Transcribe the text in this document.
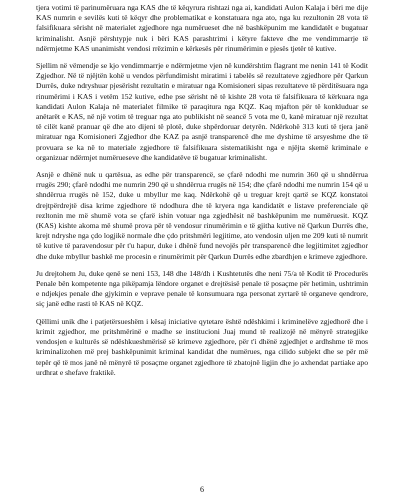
tjera votimi të parinumëruara nga KAS dhe të këqyrura rishtazi nga ai, kandidati Aulon Kalaja i bëri me dije KAS numrin e sevilës kuti të këqyr dhe problematikat e konstatuara nga ato, nga ku rezultonin 28 vota të falsifikuara sërisht në materialet zgjedhore nga numërueset dhe në bashkëpunim me kandidatët e bugatuar kriminalisht. Asnjë përshtypje nuk i bëri KAS parashtrimi i këtyre fakteve dhe me vendimmarrje të ndërmjetme KAS unanimisht vendosi rrëzimin e kërkesës për rinumërimin e pjesës tjetër të kutive.

Sjellim në vëmendje se kjo vendimmarrje e ndërmjetme vjen në kundërshtim flagrant me nenin 141 të Kodit Zgjedhor. Në të njëjtën kohë u vendos përfundimisht miratimi i tabelës së rezultateve zgjedhore për Qarkun Durrës, duke ndryshuar pjesërisht rezultatin e miratuar nga Komisioneri sipas rezultateve të përditësuara nga rinumërimi i KAS i vetëm 152 kutive, edhe pse sërisht në të kishte 28 vota të falsifikuara të kërkuara nga kandidati Aulon Kalaja në materialet filmike të paraqitura nga KQZ. Kaq mjafton për të konkluduar se anëtarët e KAS, në një votim të treguar nga ato publikisht në seancë 5 vota me 0, kanë miratuar një rezultat të cilët kanë pranuar që dhe ato dijeni të plotë, duke shpërdoruar detyrën. Ndërkohë 313 kuti të tjera janë miratuar nga Komisioneri Zgjedhor dhe KAZ pa asnjë transparencë dhe me dyshime të arsyeshme dhe të provuara se ka në to materiale zgjedhore të falsifikuara sistematikisht nga e njëjta skemë kriminale e organizuar ndërmjet numërueseve dhe kandidatëve të bugatuar kriminalisht.

Asnjë e dhënë nuk u qartësua, as edhe për transparencë, se çfarë ndodhi me numrin 360 që u shndërrua rrugës 290; çfarë ndodhi me numrin 290 që u shndërrua rrugës në 154; dhe çfarë ndodhi me numrin 154 që u shndërrua rrugës në 152, duke u mbyllur me kaq. Ndërkohë që u treguar krejt qartë se KQZ konstatoi drejtpërdrejtë disa krime zgjedhore të ndodhura dhe të kryera nga kandidatët e listave preferenciale që rezltonin me më shumë vota se çfarë ishin votuar nga zgjedhësit në bashkëpunim me numëruesit. KQZ (KAS) kishte akoma më shumë prova për të vendosur rinumërimin e të gjitha kutive në Qarkun Durrës dhe, krejt ndryshe nga çdo logjikë normale dhe çdo pritshmëri legjitime, ato vendosin uljen me 209 kuti të numrit të kutive të paravendosur për t'u hapur, duke i dhënë fund nevojës për transparencë dhe legjitimitet zgjedhor dhe duke mbyllur bashkë me procesin e rinumërimit për Qarkun Durrës edhe zbardhjen e krimeve zgjedhore.

Ju drejtohem Ju, duke qenë se neni 153, 148 dhe 148/dh i Kushtetutës dhe neni 75/a të Kodit të Procedurës Penale bën kompetente nga pikëpamja lëndore organet e drejtësisë penale të posaçme për hetimin, ushtrimin e ndjekjes penale dhe gjykimin e veprave penale të konsumuara nga personat zyrtarë të organeve qendrore, siç janë edhe rasti të KAS në KQZ.

Qëllimi unik dhe i patjetërsueshëm i kësaj iniciative qytetare është ndëshkimi i kriminelëve zgjedhorë dhe i krimit zgjedhor, me pritshmërinë e madhe se institucioni Juaj mund të realizojë në mënyrë strategjike vendosjen e kulturës së ndëshkueshmërisë së krimeve zgjedhore, për t'i dhënë zgjedhjet e ardhshme të mos kriminalizohen më prej bashkëpunimit kriminal kandidat dhe numërues, nga cilido subjekt dhe se për më tepër që të mos janë në mënyrë të posaçme organet zgjedhore të zbatojnë ligjin dhe jo axhendat partiake apo urdhrat e shefave fraktikë.

6
